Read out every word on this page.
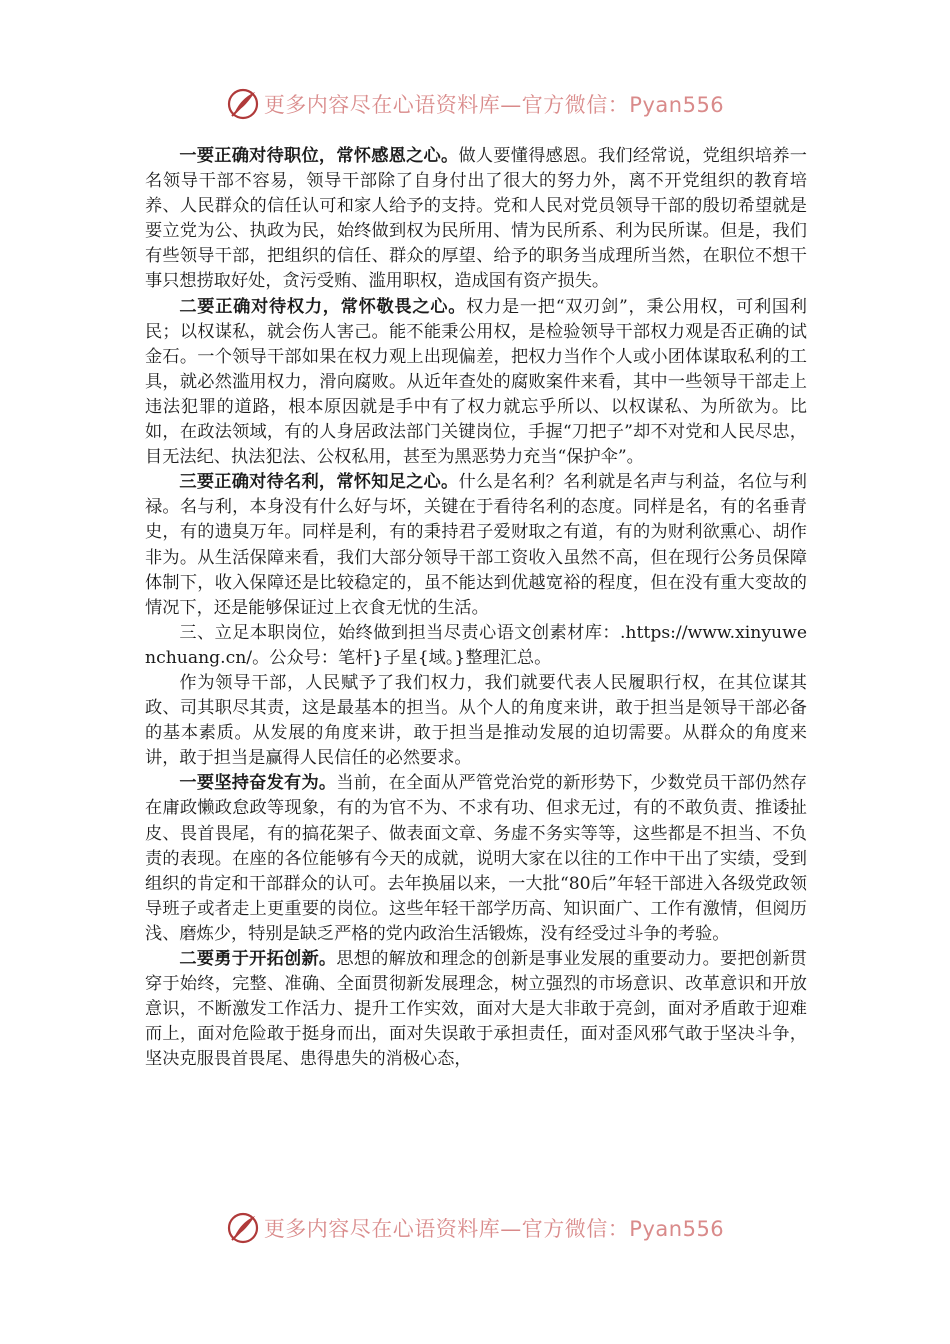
更多内容尽在心语资料库—官方微信：Pyan556

一要正确对待职位，常怀感恩之心。做人要懂得感恩。我们经常说，党组织培养一名领导干部不容易，领导干部除了自身付出了很大的努力外，离不开党组织的教育培养、人民群众的信任认可和家人给予的支持。党和人民对党员领导干部的殷切希望就是要立党为公、执政为民，始终做到权为民所用、情为民所系、利为民所谋。但是，我们有些领导干部，把组织的信任、群众的厚望、给予的职务当成理所当然，在职位不想干事只想捞取好处，贪污受贿、滥用职权，造成国有资产损失。

二要正确对待权力，常怀敬畏之心。权力是一把“双刃剑”，秉公用权，可利国利民；以权谋私，就会伤人害己。能不能秉公用权，是检验领导干部权力观是否正确的试金石。一个领导干部如果在权力观上出现偏差，把权力当作个人或小团体谋取私利的工具，就必然滥用权力，滑向腐败。从近年查处的腐败案件来看，其中一些领导干部走上违法犯罪的道路，根本原因就是手中有了权力就忘乎所以、以权谋私、为所欲为。比如，在政法领域，有的人身居政法部门关键岗位，手握“刀把子”却不对党和人民尽忠，目无法纪、执法犯法、公权私用，甚至为黑恶势力充当“保护伞”。

三要正确对待名利，常怀知足之心。什么是名利？名利就是名声与利益，名位与利禄。名与利，本身没有什么好与坏，关键在于看待名利的态度。同样是名，有的名垂青史，有的遗臭万年。同样是利，有的秉持君子爱财取之有道，有的为财利欲熏心、胡作非为。从生活保障来看，我们大部分领导干部工资收入虽然不高，但在现行公务员保障体制下，收入保障还是比较稳定的，虽不能达到优越宽裕的程度，但在没有重大变故的情况下，还是能够保证过上衣食无忧的生活。

三、立足本职岗位，始终做到担当尽责心语文创素材库：.https://www.xinyuwenchuang.cn/。公众号：笔杆}子星{域。}整理汇总。

作为领导干部，人民赋予了我们权力，我们就要代表人民履职行权，在其位谋其政、司其职尽其责，这是最基本的担当。从个人的角度来讲，敢于担当是领导干部必备的基本素质。从发展的角度来讲，敢于担当是推动发展的迫切需要。从群众的角度来讲，敢于担当是赢得人民信任的必然要求。

一要坚持奋发有为。当前，在全面从严管党治党的新形势下，少数党员干部仍然存在庸政懒政怠政等现象，有的为官不为、不求有功、但求无过，有的不敢负责、推诿扯皮、畏首畏尾，有的搞花架子、做表面文章、务虚不务实等等，这些都是不担当、不负责的表现。在座的各位能够有今天的成就，说明大家在以往的工作中干出了实绩，受到组织的肯定和干部群众的认可。去年换届以来，一大批“80后”年轻干部进入各级党政领导班子或者走上更重要的岗位。这些年轻干部学历高、知识面广、工作有激情，但阅历浅、磨炼少，特别是缺乏严格的党内政治生活锻炼，没有经受过斗争的考验。

二要勇于开拓创新。思想的解放和理念的创新是事业发展的重要动力。要把创新贯穿于始终，完整、准确、全面贯彻新发展理念，树立强烈的市场意识、改革意识和开放意识，不断激发工作活力、提升工作实效，面对大是大非敢于亮剑，面对矛盾敢于迎难而上，面对危险敢于挺身而出，面对失误敢于承担责任，面对歪风邪气敢于坚决斗争，坚决克服畏首畏尾、患得患失的消极心态，

更多内容尽在心语资料库—官方微信：Pyan556
